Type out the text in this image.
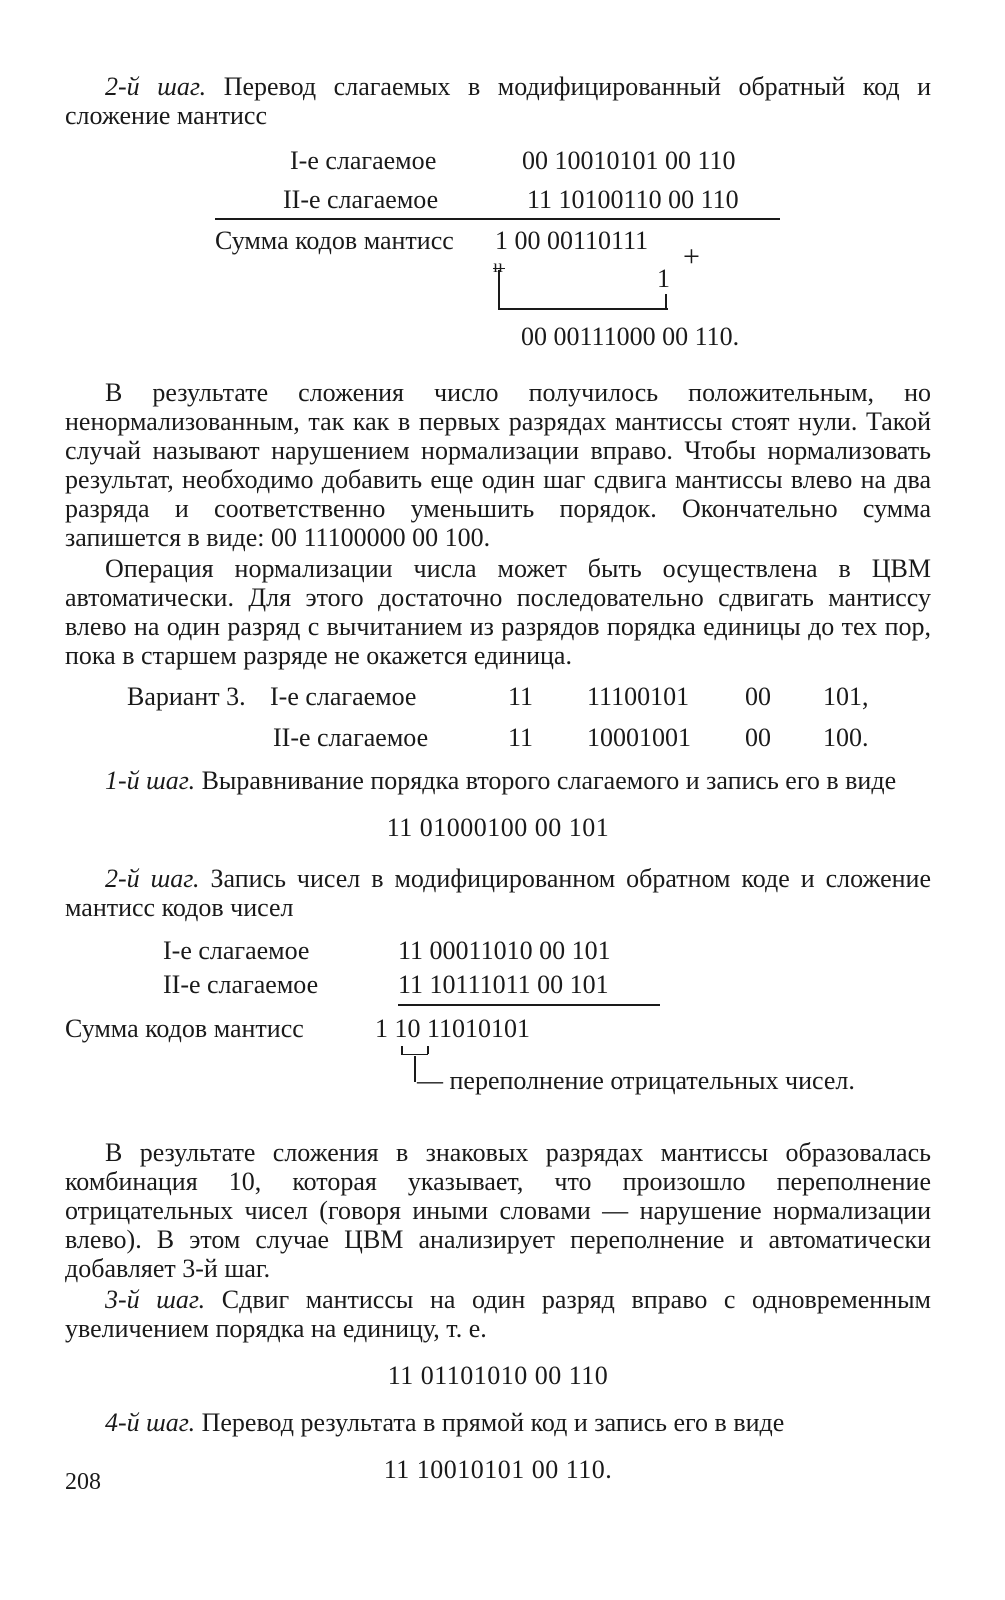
2-й шаг. Перевод слагаемых в модифицированный обратный код и сложение мантисс

I-е слагаемое	00 10010101 00 110
II-е слагаемое	11 10100110 00 110
Сумма кодов мантисс 1 00 00110111
ıı	1
+
00 00111000 00 110.

В результате сложения число получилось положительным, но ненормализованным, так как в первых разрядах мантиссы стоят нули. Такой случай называют нарушением нормализации вправо. Чтобы нормализовать результат, необходимо добавить еще один шаг сдвига мантиссы влево на два разряда и соответственно уменьшить порядок. Окончательно сумма запишется в виде: 00 11100000 00 100.

Операция нормализации числа может быть осуществлена в ЦВМ автоматически. Для этого достаточно последовательно сдвигать мантиссу влево на один разряд с вычитанием из разрядов порядка единицы до тех пор, пока в старшем разряде не окажется единица.

Вариант 3. I-е слагаемое	11 11100101 00 101,
II-е слагаемое	11 10001001 00 100.

1-й шаг. Выравнивание порядка второго слагаемого и запись его в виде

11 01000100 00 101

2-й шаг. Запись чисел в модифицированном обратном коде и сложение мантисс кодов чисел

I-е слагаемое	11 00011010 00 101
II-е слагаемое	11 10111011 00 101
Сумма кодов мантисс	1 10 11010101
— переполнение отрицательных чисел.

В результате сложения в знаковых разрядах мантиссы образовалась комбинация 10, которая указывает, что произошло переполнение отрицательных чисел (говоря иными словами — нарушение нормализации влево). В этом случае ЦВМ анализирует переполнение и автоматически добавляет 3-й шаг.

3-й шаг. Сдвиг мантиссы на один разряд вправо с одновременным увеличением порядка на единицу, т. е.

11 01101010 00 110

4-й шаг. Перевод результата в прямой код и запись его в виде

11 10010101 00 110.

208
